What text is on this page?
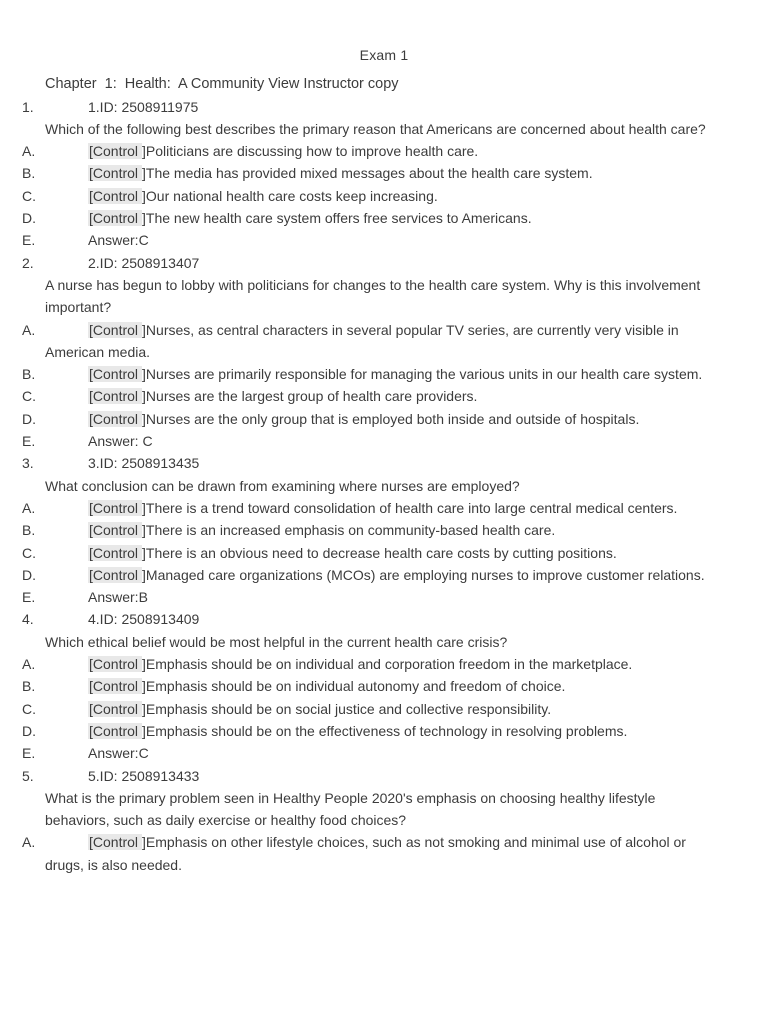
Exam 1
Chapter  1:  Health:  A Community View Instructor copy
1.	1.ID: 2508911975
Which of the following best describes the primary reason that Americans are concerned about health care?
A.	[Control ]Politicians are discussing how to improve health care.
B.	[Control ]The media has provided mixed messages about the health care system.
C.	[Control ]Our national health care costs keep increasing.
D.	[Control ]The new health care system offers free services to Americans.
E.	Answer:C
2.	2.ID: 2508913407
A nurse has begun to lobby with politicians for changes to the health care system. Why is this involvement important?
A.	[Control ]Nurses, as central characters in several popular TV series, are currently very visible in American media.
B.	[Control ]Nurses are primarily responsible for managing the various units in our health care system.
C.	[Control ]Nurses are the largest group of health care providers.
D.	[Control ]Nurses are the only group that is employed both inside and outside of hospitals.
E.	Answer: C
3.	3.ID: 2508913435
What conclusion can be drawn from examining where nurses are employed?
A.	[Control ]There is a trend toward consolidation of health care into large central medical centers.
B.	[Control ]There is an increased emphasis on community-based health care.
C.	[Control ]There is an obvious need to decrease health care costs by cutting positions.
D.	[Control ]Managed care organizations (MCOs) are employing nurses to improve customer relations.
E.	Answer:B
4.	4.ID: 2508913409
Which ethical belief would be most helpful in the current health care crisis?
A.	[Control ]Emphasis should be on individual and corporation freedom in the marketplace.
B.	[Control ]Emphasis should be on individual autonomy and freedom of choice.
C.	[Control ]Emphasis should be on social justice and collective responsibility.
D.	[Control ]Emphasis should be on the effectiveness of technology in resolving problems.
E.	Answer:C
5.	5.ID: 2508913433
What is the primary problem seen in Healthy People 2020's emphasis on choosing healthy lifestyle behaviors, such as daily exercise or healthy food choices?
A.	[Control ]Emphasis on other lifestyle choices, such as not smoking and minimal use of alcohol or drugs, is also needed.
